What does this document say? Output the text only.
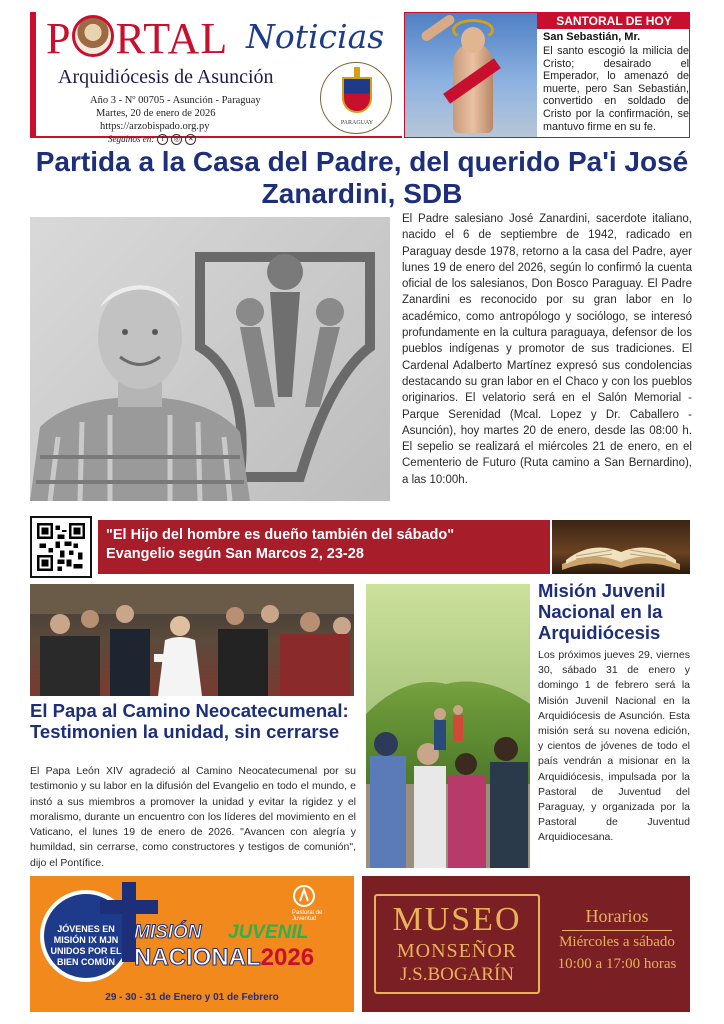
P RTAL Noticias
Arquidiócesis de Asunción
Año 3 - Nº 00705 - Asunción - Paraguay
Martes, 20 de enero de 2026
https://arzobispado.org.py
Seguinos en:	f	◎	✕
PARAGUAY
SANTORAL DE HOY
San Sebastián, Mr.
El santo escogió la milicia de Cristo; desairado el Emperador, lo amenazó de muerte, pero San Sebastián, convertido en soldado de Cristo por la confirmación, se mantuvo firme en su fe.
Partida a la Casa del Padre, del querido Pa'i José Zanardini, SDB
El Padre salesiano José Zanardini, sacerdote italiano, nacido el 6 de septiembre de 1942, radicado en Paraguay desde 1978, retorno a la casa del Padre, ayer lunes 19 de enero del 2026, según lo confirmó la cuenta oficial de los salesianos, Don Bosco Paraguay. El Padre Zanardini es reconocido por su gran labor en lo académico, como antropólogo y sociólogo, se interesó profundamente en la cultura paraguaya, defensor de los pueblos indígenas y promotor de sus tradiciones. El Cardenal Adalberto Martínez expresó sus condolencias destacando su gran labor en el Chaco y con los pueblos originarios. El velatorio será en el Salón Memorial - Parque Serenidad (Mcal. Lopez y Dr. Caballero - Asunción), hoy martes 20 de enero, desde las 08:00 h. El sepelio se realizará el miércoles 21 de enero, en el Cementerio de Futuro (Ruta camino a San Bernardino), a las 10:00h.
"El Hijo del hombre es dueño también del sábado"
Evangelio según San Marcos 2, 23-28
El Papa al Camino Neocatecumenal: Testimonien la unidad, sin cerrarse
El Papa León XIV agradeció al Camino Neocatecumenal por su testimonio y su labor en la difusión del Evangelio en todo el mundo, e instó a sus miembros a promover la unidad y evitar la rigidez y el moralismo, durante un encuentro con los líderes del movimiento en el Vaticano, el lunes 19 de enero de 2026. "Avancen con alegría y humildad, sin cerrarse, como constructores y testigos de comunión", dijo el Pontífice.
Misión Juvenil Nacional en la Arquidiócesis
Los próximos jueves 29, viernes 30, sábado 31 de enero y domingo 1 de febrero será la Misión Juvenil Nacional en la Arquidiócesis de Asunción. Esta misión será su novena edición, y cientos de jóvenes de todo el país vendrán a misionar en la Arquidiócesis, impulsada por la Pastoral de Juventud del Paraguay, y organizada por la Pastoral de Juventud Arquidiocesana.
JÓVENES EN MISIÓN IX MJN UNIDOS POR EL BIEN COMÚN
MISIÓN JUVENIL
NACIONAL2026
Pastoral de Juventud
29 - 30 - 31 de Enero y 01 de Febrero
MUSEO
MONSEÑOR
J.S.BOGARÍN
Horarios
Miércoles a sábado
10:00 a 17:00 horas
